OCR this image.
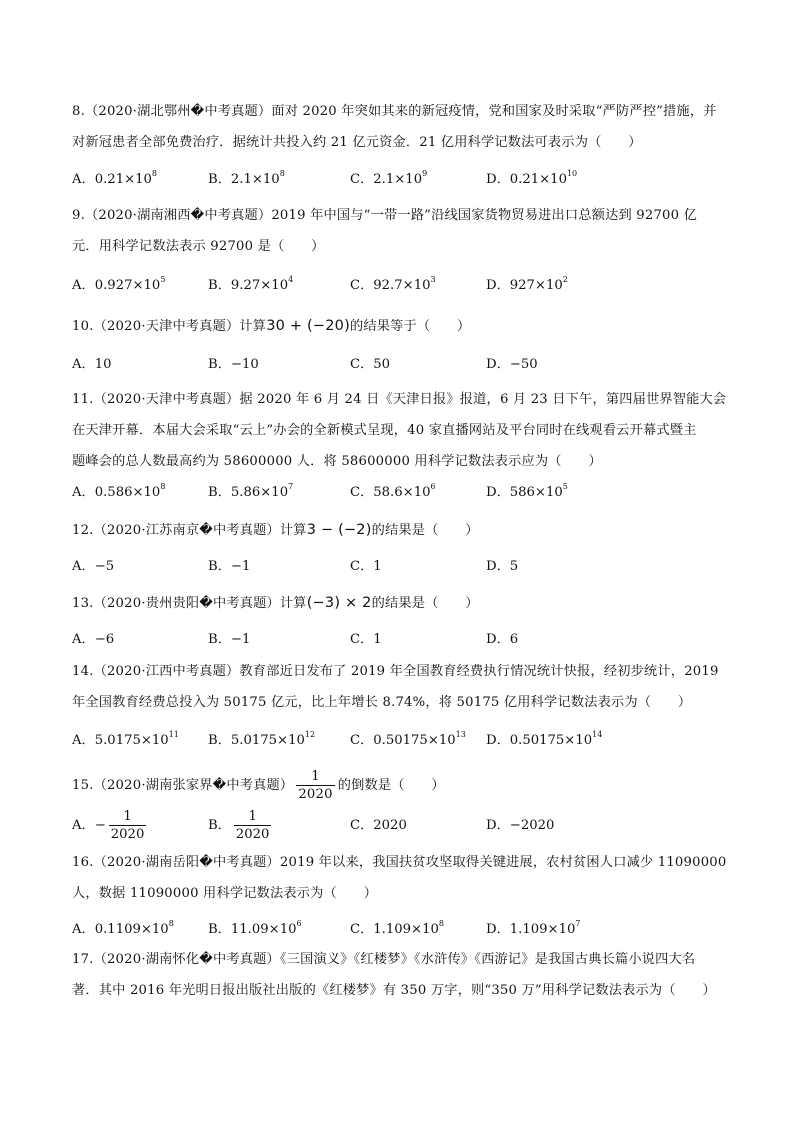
8.（2020·湖北鄂州�中考真题）面对 2020 年突如其来的新冠疫情，党和国家及时采取“严防严控”措施，并
对新冠患者全部免费治疗．据统计共投入约 21 亿元资金．21 亿用科学记数法可表示为（　　）
A．$0.21\times 10^8$	B．$2.1\times 10^8$	C．$2.1\times 10^9$	D．$0.21\times 10^{10}$
9.（2020·湖南湘西�中考真题）2019 年中国与“一带一路”沿线国家货物贸易进出口总额达到 92700 亿
元．用科学记数法表示 92700 是（　　）
A．$0.927\times 10^5$	B．$9.27\times 10^4$	C．$92.7\times 10^3$	D．$927\times 10^2$
10.（2020·天津中考真题）计算30 + (−20)的结果等于（　　）
A．10	B．−10	C．50	D．−50
11.（2020·天津中考真题）据 2020 年 6 月 24 日《天津日报》报道，6 月 23 日下午，第四届世界智能大会
在天津开幕．本届大会采取“云上”办会的全新模式呈现，40 家直播网站及平台同时在线观看云开幕式暨主
题峰会的总人数最高约为 58600000 人．将 58600000 用科学记数法表示应为（　　）
A．$0.586\times 10^8$	B．$5.86\times 10^7$	C．$58.6\times 10^6$	D．$586\times 10^5$
12.（2020·江苏南京�中考真题）计算3 − (−2)的结果是（　　）
A．−5	B．−1	C．1	D．5
13.（2020·贵州贵阳�中考真题）计算(−3) × 2的结果是（　　）
A．−6	B．−1	C．1	D．6
14.（2020·江西中考真题）教育部近日发布了 2019 年全国教育经费执行情况统计快报，经初步统计，2019
年全国教育经费总投入为 50175 亿元，比上年增长 8.74%，将 50175 亿用科学记数法表示为（　　）
A．$5.0175\times 10^{11}$ B．$5.0175\times 10^{12}$	C．$0.50175\times 10^{13}$ D．$0.50175\times 10^{14}$
15.（2020·湖南张家界�中考真题） $\frac{1}{2020}$ 的倒数是（　　）
A．− $\frac{1}{2020}$	B． $\frac{1}{2020}$	C．2020	D．−2020
16.（2020·湖南岳阳�中考真题）2019 年以来，我国扶贫攻坚取得关键进展，农村贫困人口减少 11090000
人，数据 11090000 用科学记数法表示为（　　）
A．$0.1109\times 10^8$	B．$11.09\times 10^6$	C．$1.109\times 10^8$	D．$1.109\times 10^7$
17.（2020·湖南怀化�中考真题）《三国演义》《红楼梦》《水浒传》《西游记》是我国古典长篇小说四大名
著．其中 2016 年光明日报出版社出版的《红楼梦》有 350 万字，则“350 万”用科学记数法表示为（　　）
